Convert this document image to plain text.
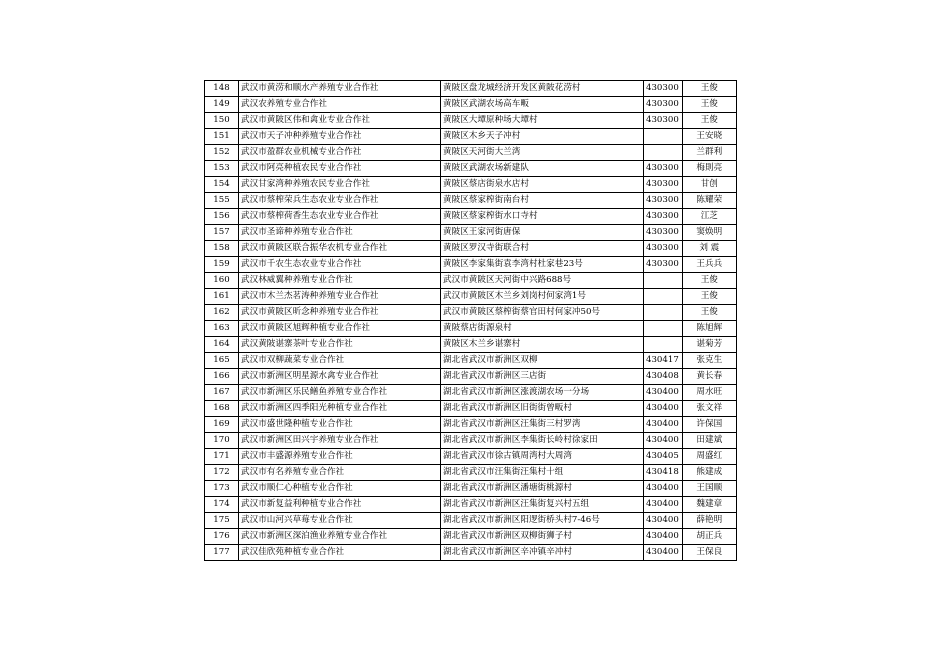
148	武汉市黄涝和顺水产养殖专业合作社	黄陂区盘龙城经济开发区黄陂花涝村	430300	王俊
149	武汉农养殖专业合作社	黄陂区武湖农场高车畈	430300	王俊
150	武汉市黄陂区伟和禽业专业合作社	黄陂区大墰原种场大墰村	430300	王俊
151	武汉市天子冲种养殖专业合作社	黄陂区木乡天子冲村		王安晓
152	武汉市盈群农业机械专业合作社	黄陂区天河街大兰湾		兰群利
153	武汉市阿亮种植农民专业合作社	黄陂区武湖农场新建队	430300	梅則亮
154	武汉甘家湾种养殖农民专业合作社	黄陂区蔡店街泉水店村	430300	甘创
155	武汉市蔡榨荣兵生态农业专业合作社	黄陂区蔡家榨街南台村	430300	陈耀荣
156	武汉市蔡榨荷香生态农业专业合作社	黄陂区蔡家榨街水口寺村	430300	江芝
157	武汉市圣谛种养殖专业合作社	黄陂区王家河街唐保	430300	窦焕明
158	武汉市黄陂区联合振华农机专业合作社	黄陂区罗汉寺街联合村	430300	刘 震
159	武汉市千农生态农业专业合作社	黄陂区李家集街袁李湾村杜家巷23号	430300	王兵兵
160	武汉林威翼种养殖专业合作社	武汉市黄陂区天河街中兴路688号		王俊
161	武汉市木兰杰茗涛种养殖专业合作社	武汉市黄陂区木兰乡刘岗村何家湾1号		王俊
162	武汉市黄陂区昕念种养殖专业合作社	武汉市黄陂区蔡榨街蔡官田村何家冲50号		王俊
163	武汉市黄陂区旭辉种植专业合作社	黄陂蔡店街源泉村		陈旭辉
164	武汉黄陂谌寨茶叶专业合作社	黄陂区木兰乡谌寨村		谌菊芳
165	武汉市双柳蔬菜专业合作社	湖北省武汉市新洲区双柳	430417	张克生
166	武汉市新洲区明星源水禽专业合作社	湖北省武汉市新洲区三店街	430408	黄长春
167	武汉市新洲区乐民鳝鱼养殖专业合作社	湖北省武汉市新洲区涨渡湖农场一分场	430400	周水旺
168	武汉市新洲区四季阳光种植专业合作社	湖北省武汉市新洲区旧街街曾畈村	430400	张文祥
169	武汉市盛世隆种植专业合作社	湖北省武汉市新洲区汪集街三村罗湾	430400	许保国
170	武汉市新洲区田兴宇养殖专业合作社	湖北省武汉市新洲区李集街长岭村徐家田	430400	田建斌
171	武汉市丰盛源养殖专业合作社	湖北省武汉市徐古镇周湾村大周湾	430405	周盛红
172	武汉市有名养殖专业合作社	湖北省武汉市汪集街汪集村十组	430418	熊建成
173	武汉市顺仁心种植专业合作社	湖北省武汉市新洲区潘塘街桃源村	430400	王国顺
174	武汉市新复益利种植专业合作社	湖北省武汉市新洲区汪集街复兴村五组	430400	魏建章
175	武汉市山河兴草莓专业合作社	湖北省武汉市新洲区阳逻街桥头村7-46号	430400	薛艳明
176	武汉市新洲区深泊渔业养殖专业合作社	湖北省武汉市新洲区双柳街狮子村	430400	胡正兵
177	武汉佳欣苑种植专业合作社	湖北省武汉市新洲区辛冲镇辛冲村	430400	王保良
